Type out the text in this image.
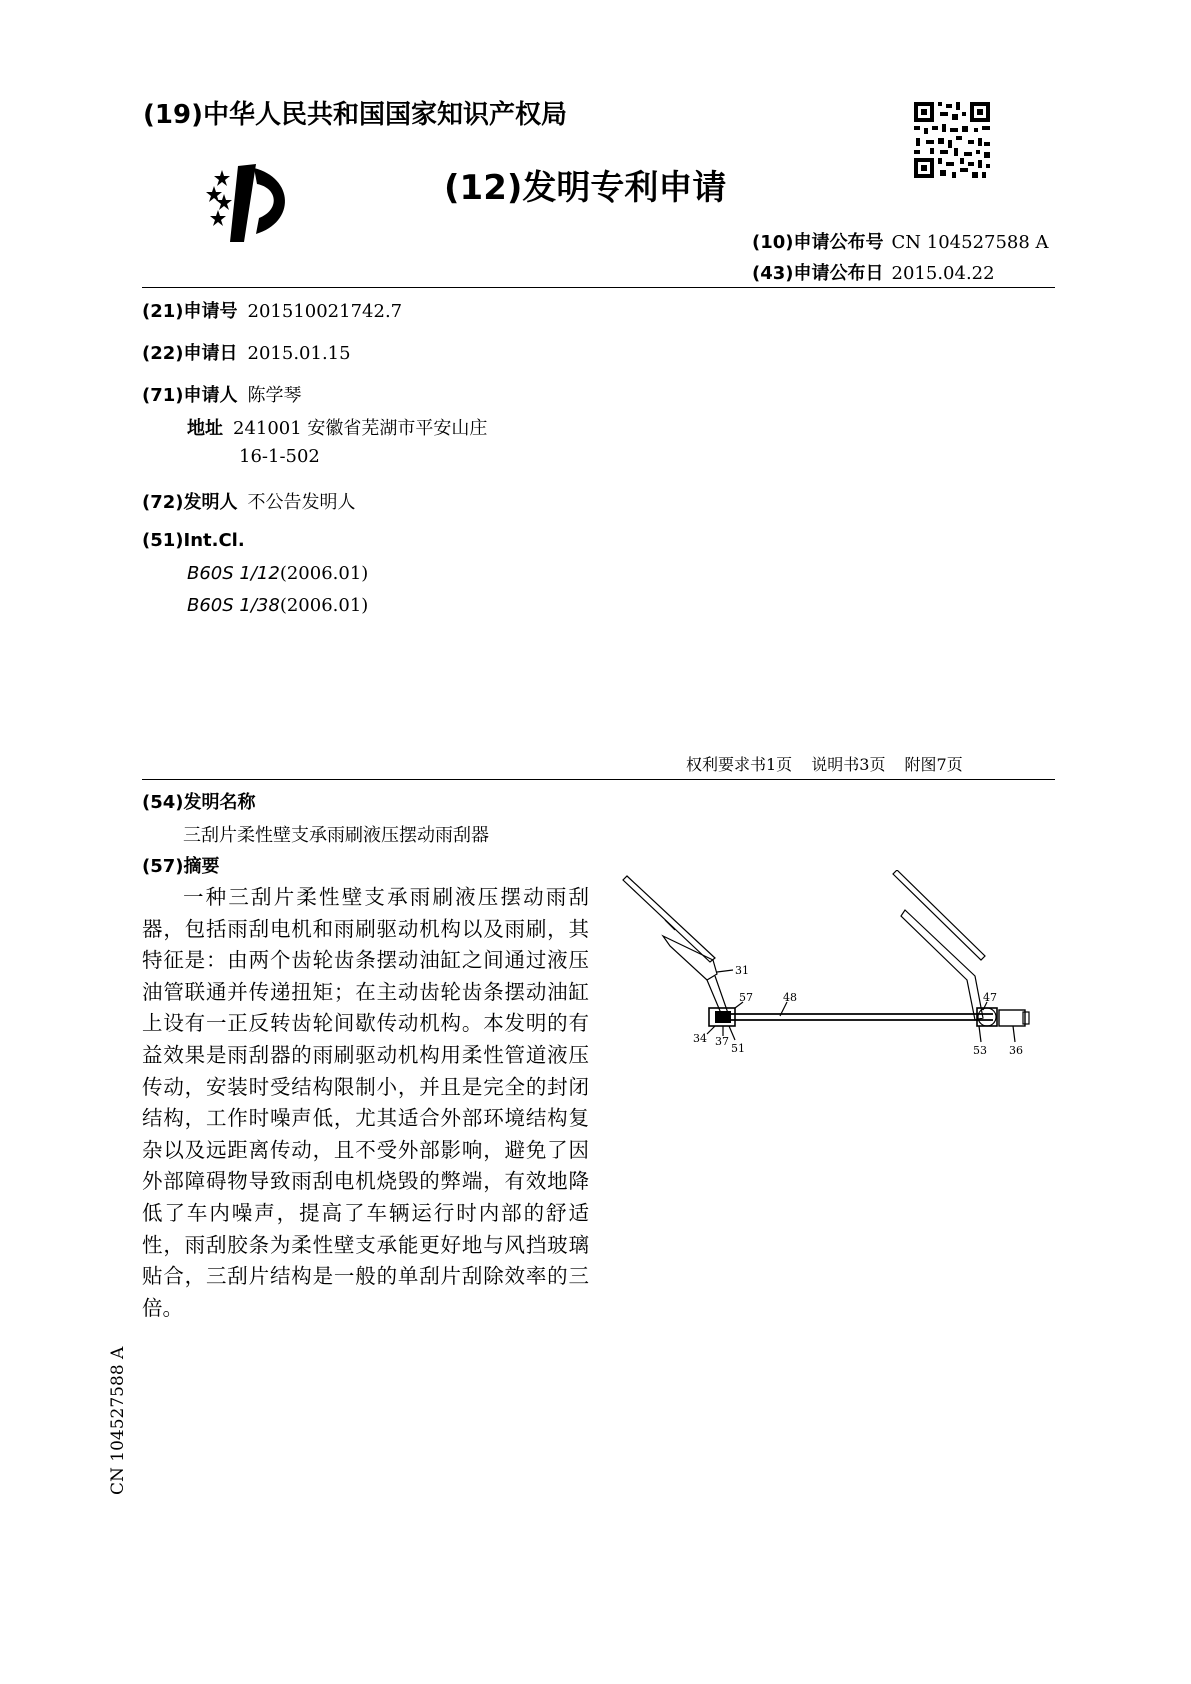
(19)中华人民共和国国家知识产权局
(12)发明专利申请
(10)申请公布号 CN 104527588 A
(43)申请公布日 2015.04.22
(21)申请号 201510021742.7
(22)申请日 2015.01.15
(71)申请人 陈学琴
地址 241001 安徽省芜湖市平安山庄
16-1-502
(72)发明人 不公告发明人
(51)Int.Cl.
B60S 1/12(2006.01)
B60S 1/38(2006.01)
权利要求书1页 说明书3页 附图7页
(54)发明名称
三刮片柔性壁支承雨刷液压摆动雨刮器
(57)摘要
一种三刮片柔性壁支承雨刷液压摆动雨刮器，包括雨刮电机和雨刷驱动机构以及雨刷，其特征是：由两个齿轮齿条摆动油缸之间通过液压油管联通并传递扭矩；在主动齿轮齿条摆动油缸上设有一正反转齿轮间歇传动机构。本发明的有益效果是雨刮器的雨刷驱动机构用柔性管道液压传动，安装时受结构限制小，并且是完全的封闭结构，工作时噪声低，尤其适合外部环境结构复杂以及远距离传动，且不受外部影响，避免了因外部障碍物导致雨刮电机烧毁的弊端，有效地降低了车内噪声，提高了车辆运行时内部的舒适性，雨刮胶条为柔性壁支承能更好地与风挡玻璃贴合，三刮片结构是一般的单刮片刮除效率的三倍。
31
57	48	47
34 37
51	53 36
CN 104527588 A
